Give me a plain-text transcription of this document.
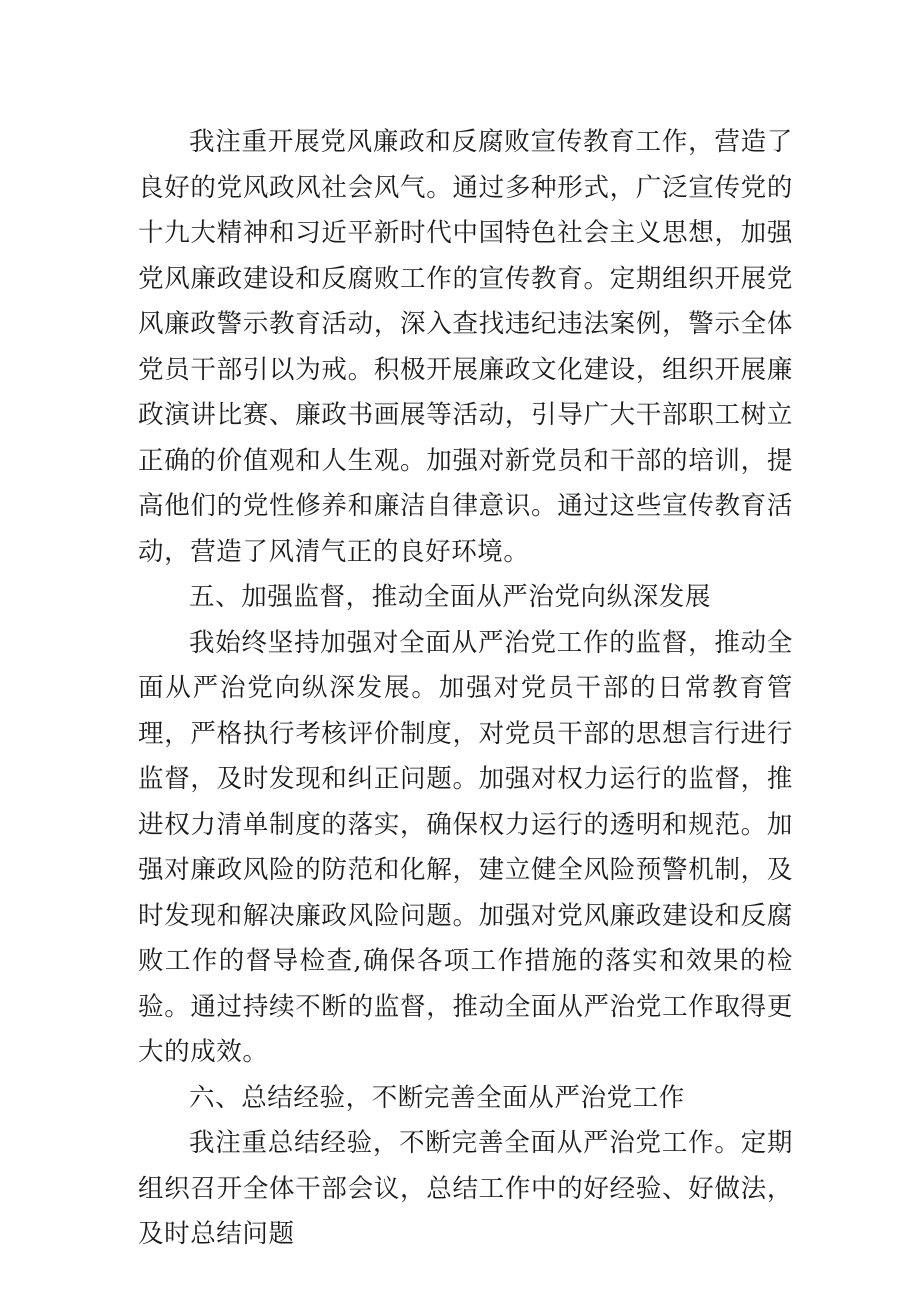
我注重开展党风廉政和反腐败宣传教育工作，营造了良好的党风政风社会风气。通过多种形式，广泛宣传党的十九大精神和习近平新时代中国特色社会主义思想，加强党风廉政建设和反腐败工作的宣传教育。定期组织开展党风廉政警示教育活动，深入查找违纪违法案例，警示全体党员干部引以为戒。积极开展廉政文化建设，组织开展廉政演讲比赛、廉政书画展等活动，引导广大干部职工树立正确的价值观和人生观。加强对新党员和干部的培训，提高他们的党性修养和廉洁自律意识。通过这些宣传教育活动，营造了风清气正的良好环境。

五、加强监督，推动全面从严治党向纵深发展

我始终坚持加强对全面从严治党工作的监督，推动全面从严治党向纵深发展。加强对党员干部的日常教育管理，严格执行考核评价制度，对党员干部的思想言行进行监督，及时发现和纠正问题。加强对权力运行的监督，推进权力清单制度的落实，确保权力运行的透明和规范。加强对廉政风险的防范和化解，建立健全风险预警机制，及时发现和解决廉政风险问题。加强对党风廉政建设和反腐败工作的督导检查,确保各项工作措施的落实和效果的检验。通过持续不断的监督，推动全面从严治党工作取得更大的成效。

六、总结经验，不断完善全面从严治党工作

我注重总结经验，不断完善全面从严治党工作。定期组织召开全体干部会议，总结工作中的好经验、好做法，及时总结问题
